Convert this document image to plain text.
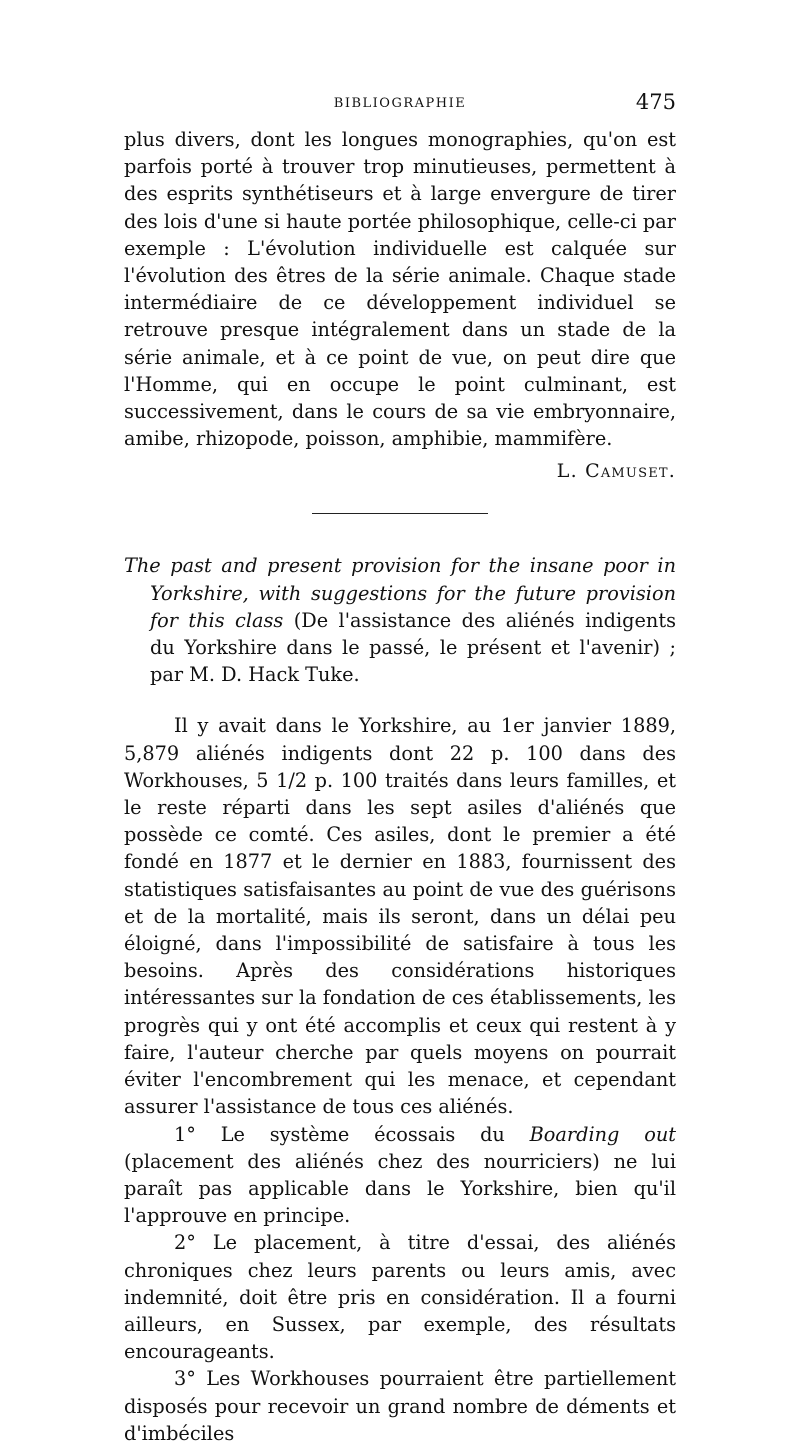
BIBLIOGRAPHIE	475

plus divers, dont les longues monographies, qu'on est parfois porté à trouver trop minutieuses, permettent à des esprits synthétiseurs et à large envergure de tirer des lois d'une si haute portée philosophique, celle-ci par exemple : L'évolution individuelle est calquée sur l'évolution des êtres de la série animale. Chaque stade intermédiaire de ce développement individuel se retrouve presque intégralement dans un stade de la série animale, et à ce point de vue, on peut dire que l'Homme, qui en occupe le point culminant, est successivement, dans le cours de sa vie embryonnaire, amibe, rhizopode, poisson, amphibie, mammifère.

L. Camuset.
The past and present provision for the insane poor in Yorkshire, with suggestions for the future provision for this class (De l'assistance des aliénés indigents du Yorkshire dans le passé, le présent et l'avenir) ; par M. D. Hack Tuke.

Il y avait dans le Yorkshire, au 1er janvier 1889, 5,879 aliénés indigents dont 22 p. 100 dans des Workhouses, 5 1/2 p. 100 traités dans leurs familles, et le reste réparti dans les sept asiles d'aliénés que possède ce comté. Ces asiles, dont le premier a été fondé en 1877 et le dernier en 1883, fournissent des statistiques satisfaisantes au point de vue des guérisons et de la mortalité, mais ils seront, dans un délai peu éloigné, dans l'impossibilité de satisfaire à tous les besoins. Après des considérations historiques intéressantes sur la fondation de ces établissements, les progrès qui y ont été accomplis et ceux qui restent à y faire, l'auteur cherche par quels moyens on pourrait éviter l'encombrement qui les menace, et cependant assurer l'assistance de tous ces aliénés.

1° Le système écossais du Boarding out (placement des aliénés chez des nourriciers) ne lui paraît pas applicable dans le Yorkshire, bien qu'il l'approuve en principe.

2° Le placement, à titre d'essai, des aliénés chroniques chez leurs parents ou leurs amis, avec indemnité, doit être pris en considération. Il a fourni ailleurs, en Sussex, par exemple, des résultats encourageants.

3° Les Workhouses pourraient être partiellement disposés pour recevoir un grand nombre de déments et d'imbéciles
